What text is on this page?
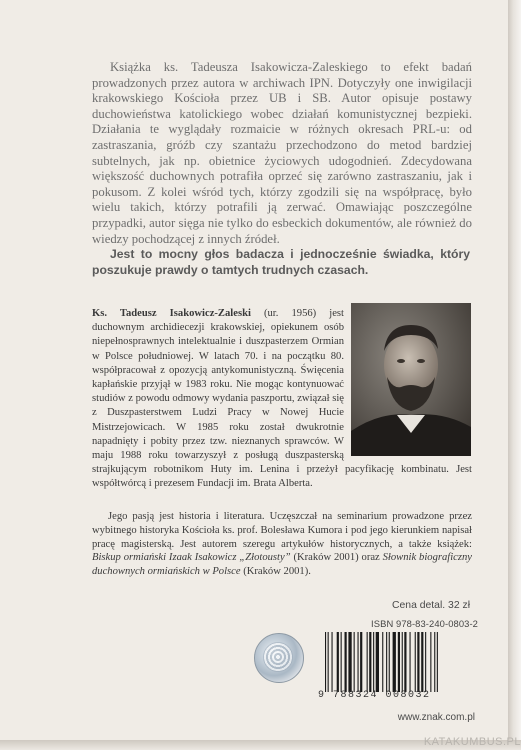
Książka ks. Tadeusza Isakowicza-Zaleskiego to efekt badań prowadzonych przez autora w archiwach IPN. Dotyczyły one inwigilacji krakowskiego Kościoła przez UB i SB. Autor opisuje postawy duchowieństwa katolickiego wobec działań komunistycznej bezpieki. Działania te wyglądały rozmaicie w różnych okresach PRL-u: od zastraszania, gróźb czy szantażu przechodzono do metod bardziej subtelnych, jak np. obietnice życiowych udogodnień. Zdecydowana większość duchownych potrafiła oprzeć się zarówno zastraszaniu, jak i pokusom. Z kolei wśród tych, którzy zgodzili się na współpracę, było wielu takich, którzy potrafili ją zerwać. Omawiając poszczególne przypadki, autor sięga nie tylko do esbeckich dokumentów, ale również do wiedzy pochodzącej z innych źródeł.

Jest to mocny głos badacza i jednocześnie świadka, który poszukuje prawdy o tamtych trudnych czasach.

Ks. Tadeusz Isakowicz-Zaleski (ur. 1956) jest duchownym archidiecezji krakowskiej, opiekunem osób niepełnosprawnych intelektualnie i duszpasterzem Ormian w Polsce południowej. W latach 70. i na początku 80. współpracował z opozycją antykomunistyczną. Święcenia kapłańskie przyjął w 1983 roku. Nie mogąc kontynuować studiów z powodu odmowy wydania paszportu, związał się z Duszpasterstwem Ludzi Pracy w Nowej Hucie Mistrzejowicach. W 1985 roku został dwukrotnie napadnięty i pobity przez tzw. nieznanych sprawców. W maju 1988 roku towarzyszył z posługą duszpasterską strajkującym robotnikom Huty im. Lenina i przeżył pacyfikację kombinatu. Jest współtwórcą i prezesem Fundacji im. Brata Alberta.

Jego pasją jest historia i literatura. Uczęszczał na seminarium prowadzone przez wybitnego historyka Kościoła ks. prof. Bolesława Kumora i pod jego kierunkiem napisał pracę magisterską. Jest autorem szeregu artykułów historycznych, a także książek: Biskup ormiański Izaak Isakowicz „Złotousty” (Kraków 2001) oraz Słownik biograficzny duchownych ormiańskich w Polsce (Kraków 2001).

Cena detal. 32 zł
ISBN 978-83-240-0803-2
9 788324 008032
www.znak.com.pl
KATAKUMBUS.PL
